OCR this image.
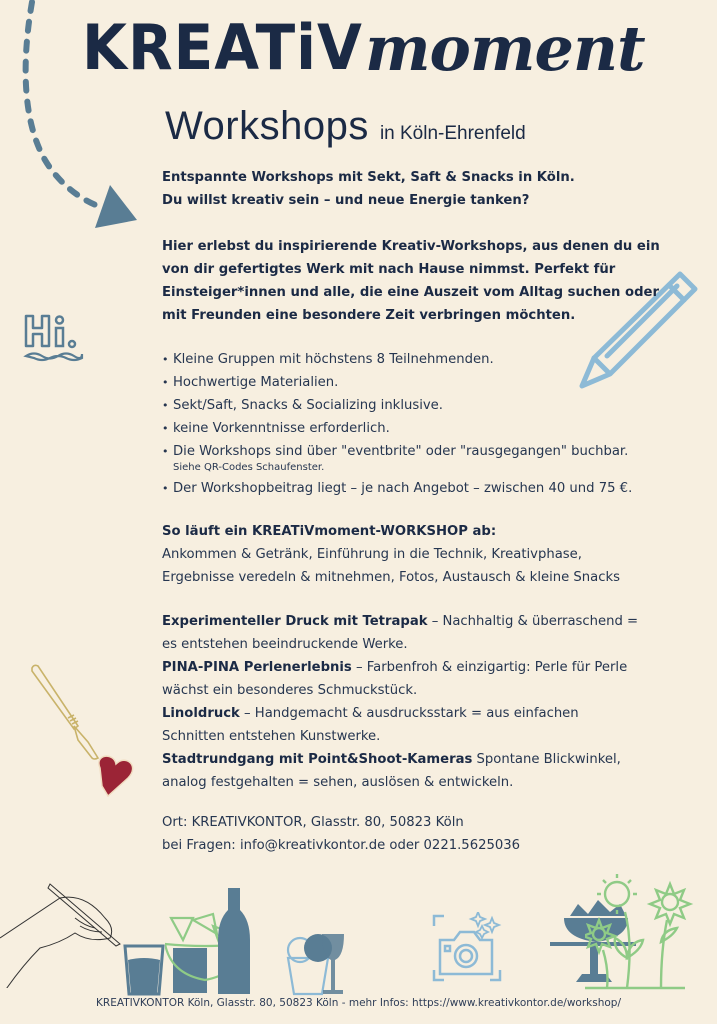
KREATiV moment
Workshops in Köln-Ehrenfeld

Entspannte Workshops mit Sekt, Saft & Snacks in Köln.

Du willst kreativ sein – und neue Energie tanken?

Hier erlebst du inspirierende Kreativ-Workshops, aus denen du ein von dir gefertigtes Werk mit nach Hause nimmst. Perfekt für Einsteiger*innen und alle, die eine Auszeit vom Alltag suchen oder mit Freunden eine besondere Zeit verbringen möchten.

• Kleine Gruppen mit höchstens 8 Teilnehmenden.
• Hochwertige Materialien.
• Sekt/Saft, Snacks & Socializing inklusive.
• keine Vorkenntnisse erforderlich.
• Die Workshops sind über "eventbrite" oder "rausgegangen" buchbar.
Siehe QR-Codes Schaufenster.
• Der Workshopbeitrag liegt – je nach Angebot – zwischen 40 und 75 €.

So läuft ein KREATiVmoment-WORKSHOP ab:

Ankommen & Getränk, Einführung in die Technik, Kreativphase, Ergebnisse veredeln & mitnehmen, Fotos, Austausch & kleine Snacks

Experimenteller Druck mit Tetrapak – Nachhaltig & überraschend = es entstehen beeindruckende Werke.

PINA-PINA Perlenerlebnis – Farbenfroh & einzigartig: Perle für Perle wächst ein besonderes Schmuckstück.

Linoldruck – Handgemacht & ausdrucksstark = aus einfachen Schnitten entstehen Kunstwerke.

Stadtrundgang mit Point&Shoot-Kameras Spontane Blickwinkel, analog festgehalten = sehen, auslösen & entwickeln.

Ort: KREATIVKONTOR, Glasstr. 80, 50823 Köln

bei Fragen: info@kreativkontor.de oder 0221.5625036

KREATIVKONTOR Köln, Glasstr. 80, 50823 Köln - mehr Infos: https://www.kreativkontor.de/workshop/
